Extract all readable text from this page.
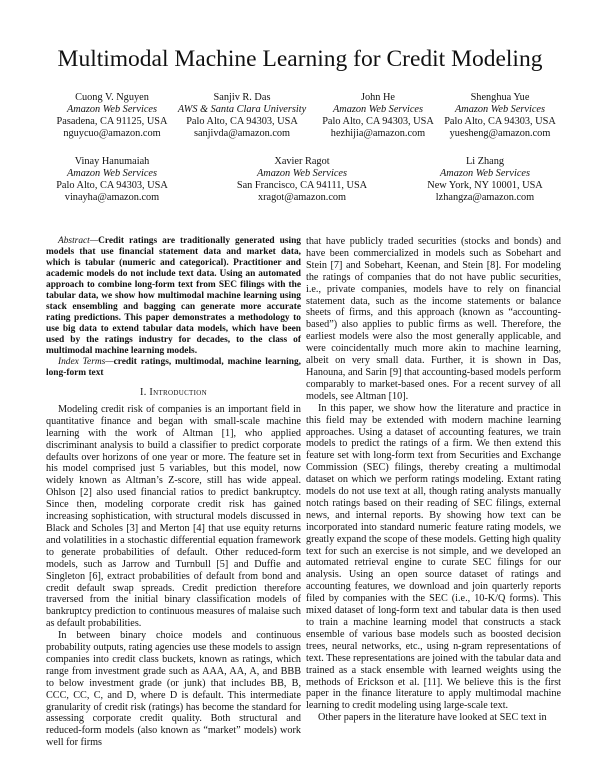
Multimodal Machine Learning for Credit Modeling
Cuong V. Nguyen
Amazon Web Services
Pasadena, CA 91125, USA
nguycuo@amazon.com
Sanjiv R. Das
AWS & Santa Clara University
Palo Alto, CA 94303, USA
sanjivda@amazon.com
John He
Amazon Web Services
Palo Alto, CA 94303, USA
hezhijia@amazon.com
Shenghua Yue
Amazon Web Services
Palo Alto, CA 94303, USA
yuesheng@amazon.com
Vinay Hanumaiah
Amazon Web Services
Palo Alto, CA 94303, USA
vinayha@amazon.com
Xavier Ragot
Amazon Web Services
San Francisco, CA 94111, USA
xragot@amazon.com
Li Zhang
Amazon Web Services
New York, NY 10001, USA
lzhangza@amazon.com

Abstract—Credit ratings are traditionally generated using models that use financial statement data and market data, which is tabular (numeric and categorical). Practitioner and academic models do not include text data. Using an automated approach to combine long-form text from SEC filings with the tabular data, we show how multimodal machine learning using stack ensembling and bagging can generate more accurate rating predictions. This paper demonstrates a methodology to use big data to extend tabular data models, which have been used by the ratings industry for decades, to the class of multimodal machine learning models.

Index Terms—credit ratings, multimodal, machine learning, long-form text

I. Introduction

Modeling credit risk of companies is an important field in quantitative finance and began with small-scale machine learning with the work of Altman [1], who applied discriminant analysis to build a classifier to predict corporate defaults over horizons of one year or more. The feature set in his model comprised just 5 variables, but this model, now widely known as Altman’s Z-score, still has wide appeal. Ohlson [2] also used financial ratios to predict bankruptcy. Since then, modeling corporate credit risk has gained increasing sophistication, with structural models discussed in Black and Scholes [3] and Merton [4] that use equity returns and volatilities in a stochastic differential equation framework to generate probabilities of default. Other reduced-form models, such as Jarrow and Turnbull [5] and Duffie and Singleton [6], extract probabilities of default from bond and credit default swap spreads. Credit prediction therefore traversed from the initial binary classification models of bankruptcy prediction to continuous measures of malaise such as default probabilities.

In between binary choice models and continuous probability outputs, rating agencies use these models to assign companies into credit class buckets, known as ratings, which range from investment grade such as AAA, AA, A, and BBB to below investment grade (or junk) that includes BB, B, CCC, CC, C, and D, where D is default. This intermediate granularity of credit risk (ratings) has become the standard for assessing corporate credit quality. Both structural and reduced-form models (also known as “market” models) work well for firms

that have publicly traded securities (stocks and bonds) and have been commercialized in models such as Sobehart and Stein [7] and Sobehart, Keenan, and Stein [8]. For modeling the ratings of companies that do not have public securities, i.e., private companies, models have to rely on financial statement data, such as the income statements or balance sheets of firms, and this approach (known as “accounting-based”) also applies to public firms as well. Therefore, the earliest models were also the most generally applicable, and were coincidentally much more akin to machine learning, albeit on very small data. Further, it is shown in Das, Hanouna, and Sarin [9] that accounting-based models perform comparably to market-based ones. For a recent survey of all models, see Altman [10].

In this paper, we show how the literature and practice in this field may be extended with modern machine learning approaches. Using a dataset of accounting features, we train models to predict the ratings of a firm. We then extend this feature set with long-form text from Securities and Exchange Commission (SEC) filings, thereby creating a multimodal dataset on which we perform ratings modeling. Extant rating models do not use text at all, though rating analysts manually notch ratings based on their reading of SEC filings, external news, and internal reports. By showing how text can be incorporated into standard numeric feature rating models, we greatly expand the scope of these models. Getting high quality text for such an exercise is not simple, and we developed an automated retrieval engine to curate SEC filings for our analysis. Using an open source dataset of ratings and accounting features, we download and join quarterly reports filed by companies with the SEC (i.e., 10-K/Q forms). This mixed dataset of long-form text and tabular data is then used to train a machine learning model that constructs a stack ensemble of various base models such as boosted decision trees, neural networks, etc., using n-gram representations of text. These representations are joined with the tabular data and trained as a stack ensemble with learned weights using the methods of Erickson et al. [11]. We believe this is the first paper in the finance literature to apply multimodal machine learning to credit modeling using large-scale text.

Other papers in the literature have looked at SEC text in
